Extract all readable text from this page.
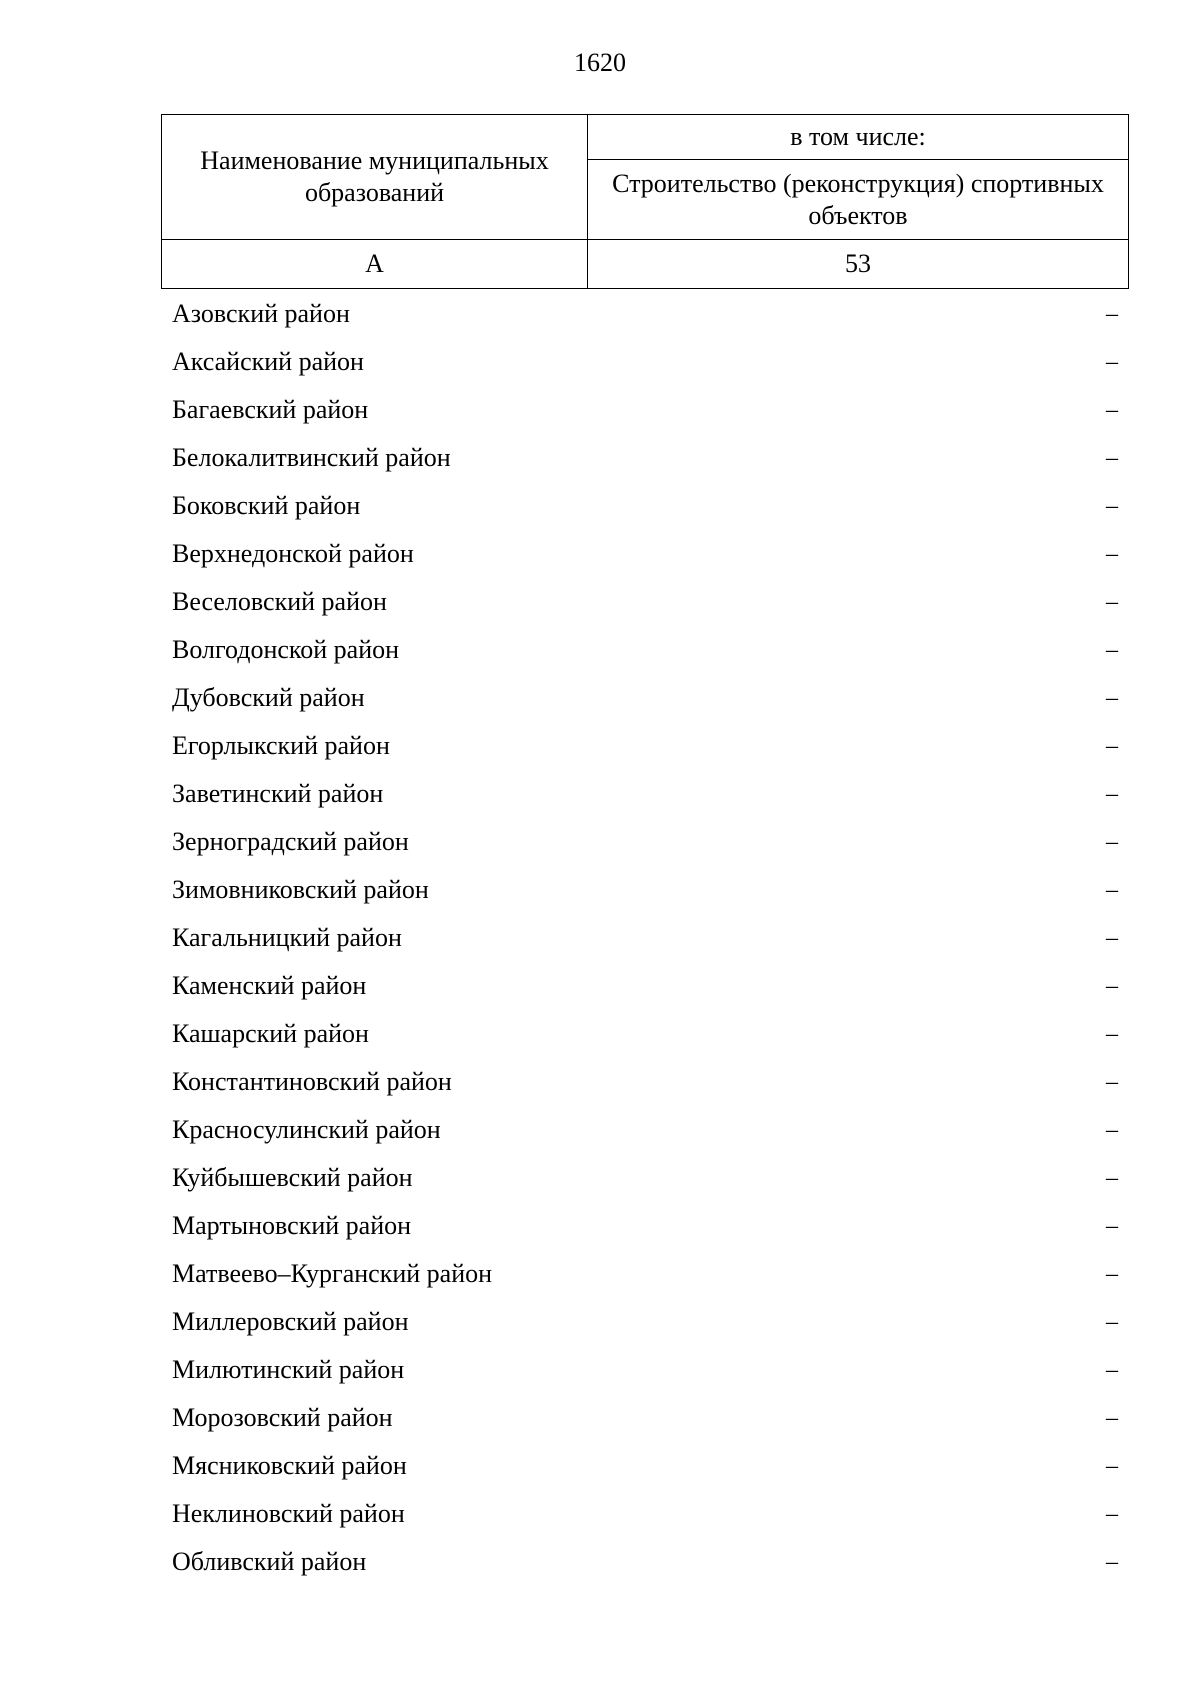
1620
Наименование муниципальных образований	в том числе:
	Строительство (реконструкция) спортивных объектов
А	53
Азовский район	–
Аксайский район	–
Багаевский район	–
Белокалитвинский район	–
Боковский район	–
Верхнедонской район	–
Веселовский район	–
Волгодонской район	–
Дубовский район	–
Егорлыкский район	–
Заветинский район	–
Зерноградский район	–
Зимовниковский район	–
Кагальницкий район	–
Каменский район	–
Кашарский район	–
Константиновский район	–
Красносулинский район	–
Куйбышевский район	–
Мартыновский район	–
Матвеево–Курганский район	–
Миллеровский район	–
Милютинский район	–
Морозовский район	–
Мясниковский район	–
Неклиновский район	–
Обливский район	–
